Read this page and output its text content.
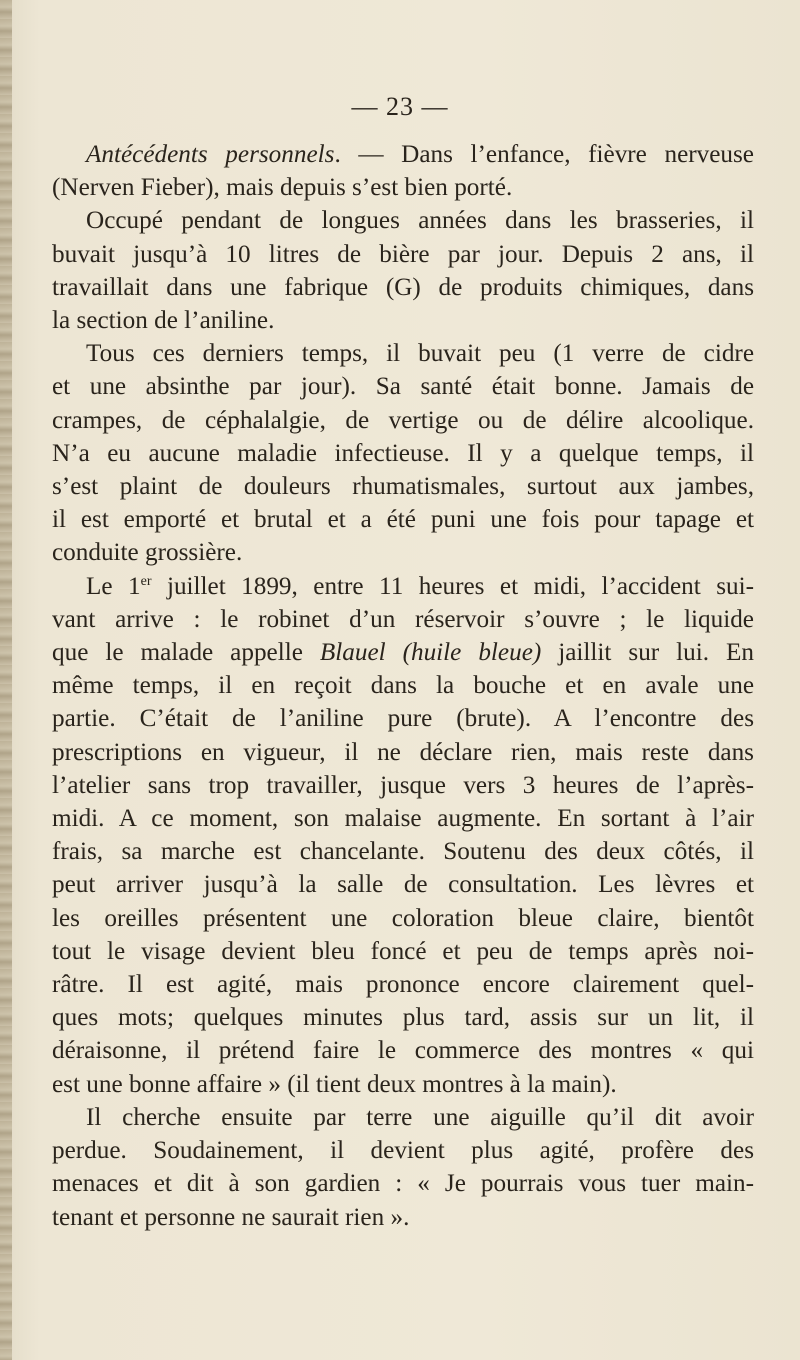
— 23 —
Antécédents personnels. — Dans l’enfance, fièvre nerveuse
(Nerven Fieber), mais depuis s’est bien porté.
Occupé pendant de longues années dans les brasseries, il
buvait jusqu’à 10 litres de bière par jour. Depuis 2 ans, il
travaillait dans une fabrique (G) de produits chimiques, dans
la section de l’aniline.
Tous ces derniers temps, il buvait peu (1 verre de cidre
et une absinthe par jour). Sa santé était bonne. Jamais de
crampes, de céphalalgie, de vertige ou de délire alcoolique.
N’a eu aucune maladie infectieuse. Il y a quelque temps, il
s’est plaint de douleurs rhumatismales, surtout aux jambes,
il est emporté et brutal et a été puni une fois pour tapage et
conduite grossière.
Le 1er juillet 1899, entre 11 heures et midi, l’accident sui-
vant arrive : le robinet d’un réservoir s’ouvre ; le liquide
que le malade appelle Blauel (huile bleue) jaillit sur lui. En
même temps, il en reçoit dans la bouche et en avale une
partie. C’était de l’aniline pure (brute). A l’encontre des
prescriptions en vigueur, il ne déclare rien, mais reste dans
l’atelier sans trop travailler, jusque vers 3 heures de l’après-
midi. A ce moment, son malaise augmente. En sortant à l’air
frais, sa marche est chancelante. Soutenu des deux côtés, il
peut arriver jusqu’à la salle de consultation. Les lèvres et
les oreilles présentent une coloration bleue claire, bientôt
tout le visage devient bleu foncé et peu de temps après noi-
râtre. Il est agité, mais prononce encore clairement quel-
ques mots; quelques minutes plus tard, assis sur un lit, il
déraisonne, il prétend faire le commerce des montres « qui
est une bonne affaire » (il tient deux montres à la main).
Il cherche ensuite par terre une aiguille qu’il dit avoir
perdue. Soudainement, il devient plus agité, profère des
menaces et dit à son gardien : « Je pourrais vous tuer main-
tenant et personne ne saurait rien ».
